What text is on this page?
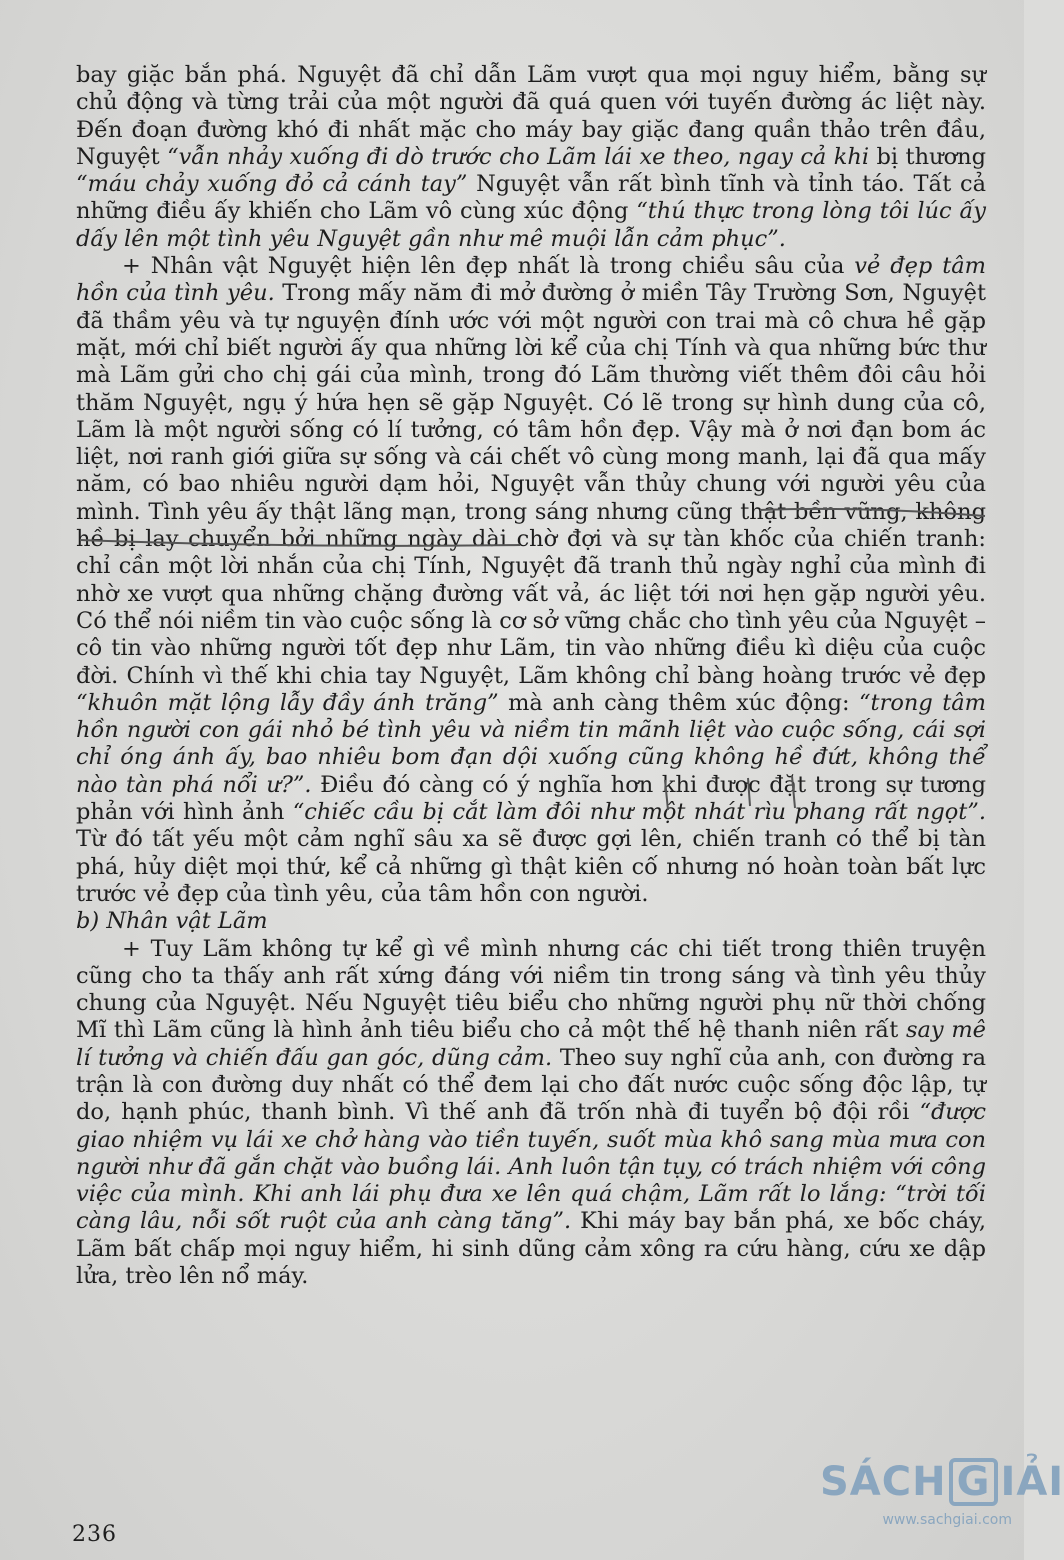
bay giặc bắn phá. Nguyệt đã chỉ dẫn Lãm vượt qua mọi nguy hiểm, bằng sự chủ động và từng trải của một người đã quá quen với tuyến đường ác liệt này. Đến đoạn đường khó đi nhất mặc cho máy bay giặc đang quần thảo trên đầu, Nguyệt “vẫn nhảy xuống đi dò trước cho Lãm lái xe theo, ngay cả khi bị thương “máu chảy xuống đỏ cả cánh tay” Nguyệt vẫn rất bình tĩnh và tỉnh táo. Tất cả những điều ấy khiến cho Lãm vô cùng xúc động “thú thực trong lòng tôi lúc ấy dấy lên một tình yêu Nguyệt gần như mê muội lẫn cảm phục”.

+ Nhân vật Nguyệt hiện lên đẹp nhất là trong chiều sâu của vẻ đẹp tâm hồn của tình yêu. Trong mấy năm đi mở đường ở miền Tây Trường Sơn, Nguyệt đã thầm yêu và tự nguyện đính ước với một người con trai mà cô chưa hề gặp mặt, mới chỉ biết người ấy qua những lời kể của chị Tính và qua những bức thư mà Lãm gửi cho chị gái của mình, trong đó Lãm thường viết thêm đôi câu hỏi thăm Nguyệt, ngụ ý hứa hẹn sẽ gặp Nguyệt. Có lẽ trong sự hình dung của cô, Lãm là một người sống có lí tưởng, có tâm hồn đẹp. Vậy mà ở nơi đạn bom ác liệt, nơi ranh giới giữa sự sống và cái chết vô cùng mong manh, lại đã qua mấy năm, có bao nhiêu người dạm hỏi, Nguyệt vẫn thủy chung với người yêu của mình. Tình yêu ấy thật lãng mạn, trong sáng nhưng cũng thật bền vững, không hề bị lay chuyển bởi những ngày dài chờ đợi và sự tàn khốc của chiến tranh: chỉ cần một lời nhắn của chị Tính, Nguyệt đã tranh thủ ngày nghỉ của mình đi nhờ xe vượt qua những chặng đường vất vả, ác liệt tới nơi hẹn gặp người yêu. Có thể nói niềm tin vào cuộc sống là cơ sở vững chắc cho tình yêu của Nguyệt – cô tin vào những người tốt đẹp như Lãm, tin vào những điều kì diệu của cuộc đời. Chính vì thế khi chia tay Nguyệt, Lãm không chỉ bàng hoàng trước vẻ đẹp “khuôn mặt lộng lẫy đầy ánh trăng” mà anh càng thêm xúc động: “trong tâm hồn người con gái nhỏ bé tình yêu và niềm tin mãnh liệt vào cuộc sống, cái sợi chỉ óng ánh ấy, bao nhiêu bom đạn dội xuống cũng không hề đứt, không thể nào tàn phá nổi ư?”. Điều đó càng có ý nghĩa hơn khi được đặt trong sự tương phản với hình ảnh “chiếc cầu bị cắt làm đôi như một nhát rìu phang rất ngọt”. Từ đó tất yếu một cảm nghĩ sâu xa sẽ được gợi lên, chiến tranh có thể bị tàn phá, hủy diệt mọi thứ, kể cả những gì thật kiên cố nhưng nó hoàn toàn bất lực trước vẻ đẹp của tình yêu, của tâm hồn con người.

b) Nhân vật Lãm

+ Tuy Lãm không tự kể gì về mình nhưng các chi tiết trong thiên truyện cũng cho ta thấy anh rất xứng đáng với niềm tin trong sáng và tình yêu thủy chung của Nguyệt. Nếu Nguyệt tiêu biểu cho những người phụ nữ thời chống Mĩ thì Lãm cũng là hình ảnh tiêu biểu cho cả một thế hệ thanh niên rất say mê lí tưởng và chiến đấu gan góc, dũng cảm. Theo suy nghĩ của anh, con đường ra trận là con đường duy nhất có thể đem lại cho đất nước cuộc sống độc lập, tự do, hạnh phúc, thanh bình. Vì thế anh đã trốn nhà đi tuyển bộ đội rồi “được giao nhiệm vụ lái xe chở hàng vào tiền tuyến, suốt mùa khô sang mùa mưa con người như đã gắn chặt vào buồng lái. Anh luôn tận tụy, có trách nhiệm với công việc của mình. Khi anh lái phụ đưa xe lên quá chậm, Lãm rất lo lắng: “trời tối càng lâu, nỗi sốt ruột của anh càng tăng”. Khi máy bay bắn phá, xe bốc cháy, Lãm bất chấp mọi nguy hiểm, hi sinh dũng cảm xông ra cứu hàng, cứu xe dập lửa, trèo lên nổ máy.

236
SÁCH G IẢI
www.sachgiai.com
